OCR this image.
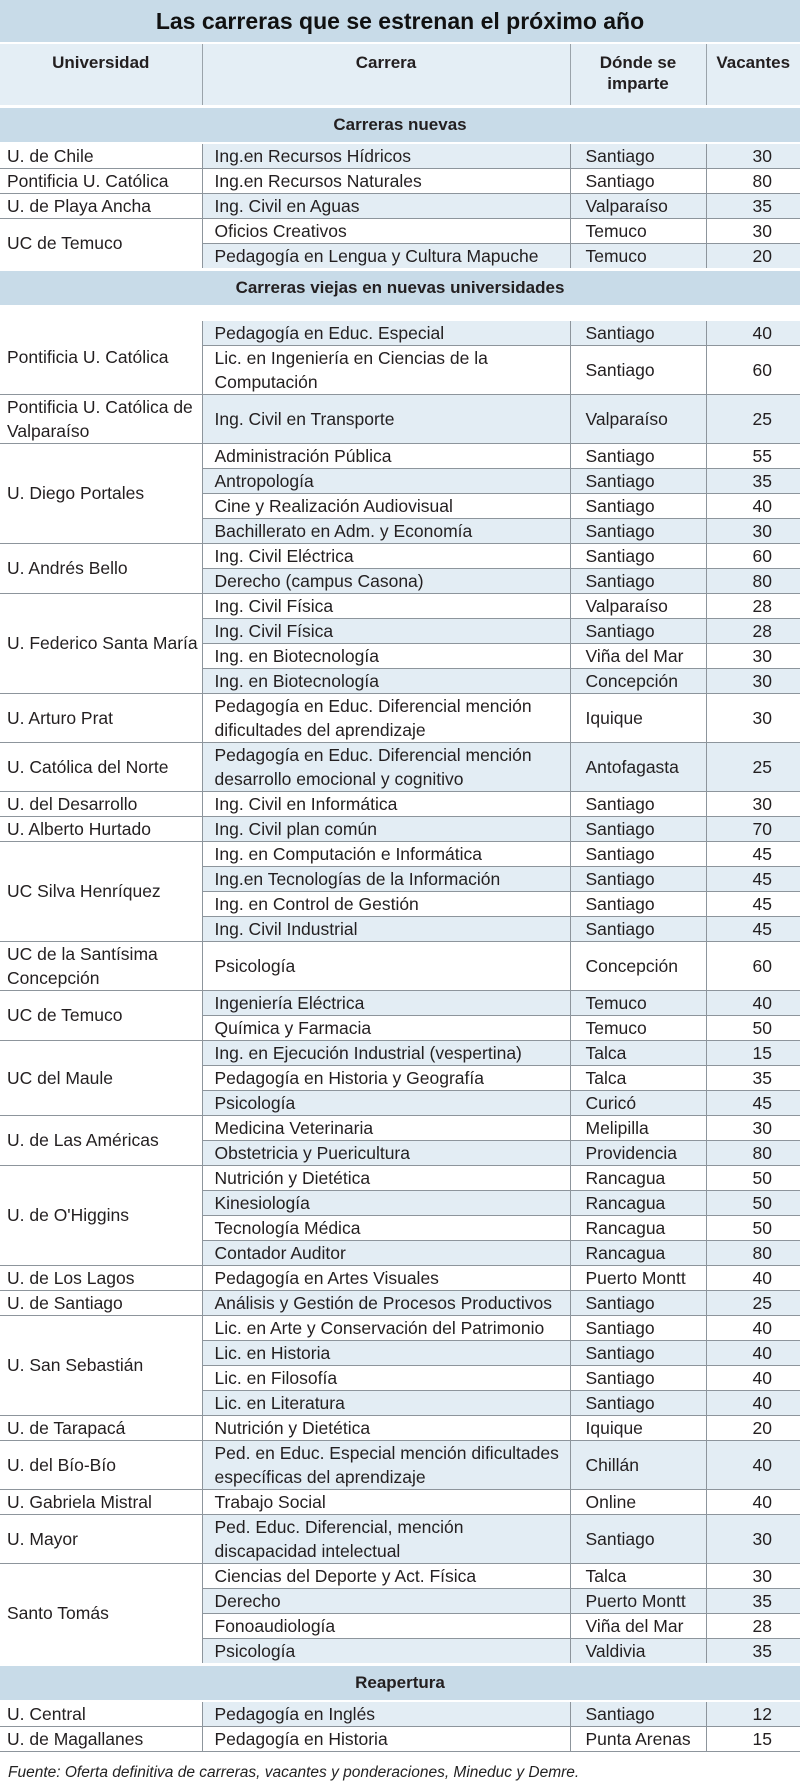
Las carreras que se estrenan el próximo año
Universidad	Carrera	Dónde se imparte	Vacantes
Carreras nuevas			
U. de Chile	Ing.en Recursos Hídricos	Santiago	30
Pontificia U. Católica	Ing.en Recursos Naturales	Santiago	80
U. de Playa Ancha	Ing. Civil en Aguas	Valparaíso	35
UC de Temuco	Oficios Creativos	Temuco	30
	Pedagogía en Lengua y Cultura Mapuche	Temuco	20
Carreras viejas en nuevas universidades			

Pontificia U. Católica	Pedagogía en Educ. Especial	Santiago	40
	Lic. en Ingeniería en Ciencias de la Computación	Santiago	60
Pontificia U. Católica de Valparaíso	Ing. Civil en Transporte	Valparaíso	25
U. Diego Portales	Administración Pública	Santiago	55
	Antropología	Santiago	35
	Cine y Realización Audiovisual	Santiago	40
	Bachillerato en Adm. y Economía	Santiago	30
U. Andrés Bello	Ing. Civil Eléctrica	Santiago	60
	Derecho (campus Casona)	Santiago	80
U. Federico Santa María	Ing. Civil Física	Valparaíso	28
	Ing. Civil Física	Santiago	28
	Ing. en Biotecnología	Viña del Mar	30
	Ing. en Biotecnología	Concepción	30
U. Arturo Prat	Pedagogía en Educ. Diferencial mención dificultades del aprendizaje	Iquique	30
U. Católica del Norte	Pedagogía en Educ. Diferencial mención desarrollo emocional y cognitivo	Antofagasta	25
U. del Desarrollo	Ing. Civil en Informática	Santiago	30
U. Alberto Hurtado	Ing. Civil plan común	Santiago	70
UC Silva Henríquez	Ing. en Computación e Informática	Santiago	45
	Ing.en Tecnologías de la Información	Santiago	45
	Ing. en Control de Gestión	Santiago	45
	Ing. Civil Industrial	Santiago	45
UC de la Santísima Concepción	Psicología	Concepción	60
UC de Temuco	Ingeniería Eléctrica	Temuco	40
	Química y Farmacia	Temuco	50
UC del Maule	Ing. en Ejecución Industrial (vespertina)	Talca	15
	Pedagogía en Historia y Geografía	Talca	35
	Psicología	Curicó	45
U. de Las Américas	Medicina Veterinaria	Melipilla	30
	Obstetricia y Puericultura	Providencia	80
U. de O'Higgins	Nutrición y Dietética	Rancagua	50
	Kinesiología	Rancagua	50
	Tecnología Médica	Rancagua	50
	Contador Auditor	Rancagua	80
U. de Los Lagos	Pedagogía en Artes Visuales	Puerto Montt	40
U. de Santiago	Análisis y Gestión de Procesos Productivos	Santiago	25
U. San Sebastián	Lic. en Arte y Conservación del Patrimonio	Santiago	40
	Lic. en Historia	Santiago	40
	Lic. en Filosofía	Santiago	40
	Lic. en Literatura	Santiago	40
U. de Tarapacá	Nutrición y Dietética	Iquique	20
U. del Bío-Bío	Ped. en Educ. Especial mención dificultades específicas del aprendizaje	Chillán	40
U. Gabriela Mistral	Trabajo Social	Online	40
U. Mayor	Ped. Educ. Diferencial, mención discapacidad intelectual	Santiago	30
Santo Tomás	Ciencias del Deporte y Act. Física	Talca	30
	Derecho	Puerto Montt	35
	Fonoaudiología	Viña del Mar	28
	Psicología	Valdivia	35
Reapertura			
U. Central	Pedagogía en Inglés	Santiago	12
U. de Magallanes	Pedagogía en Historia	Punta Arenas	15
Fuente: Oferta definitiva de carreras, vacantes y ponderaciones, Mineduc y Demre.
